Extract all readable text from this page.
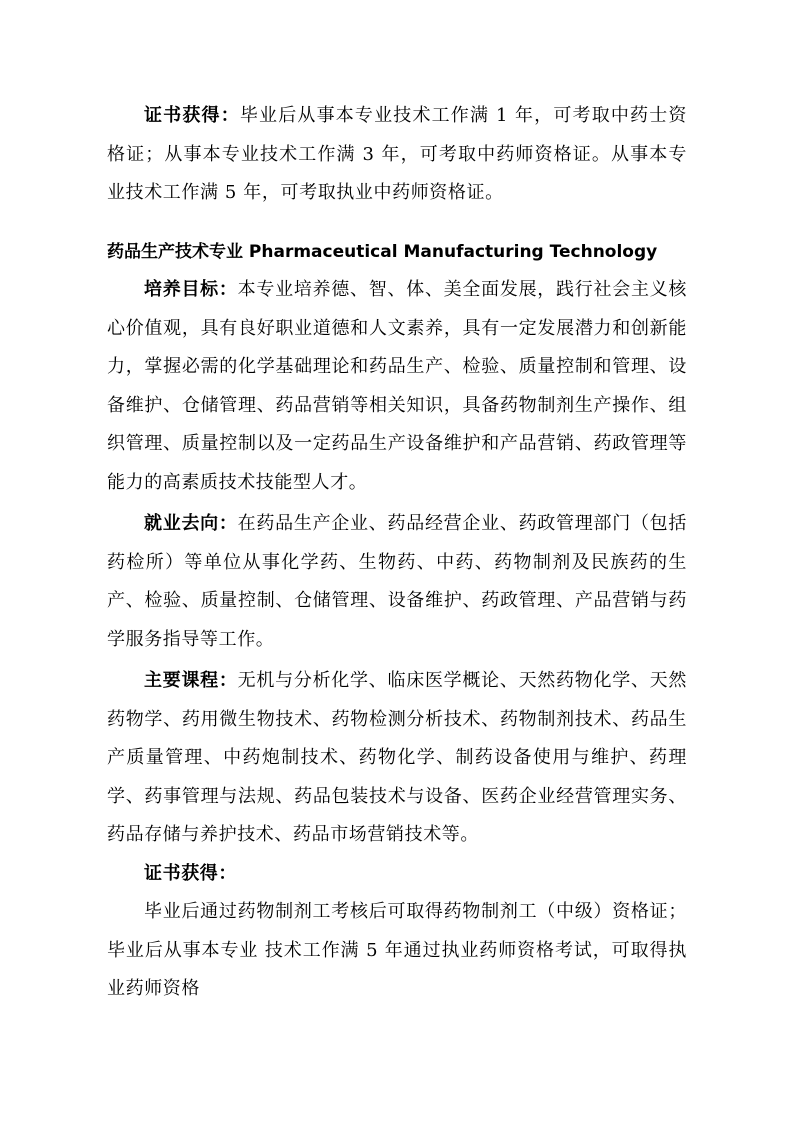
证书获得：毕业后从事本专业技术工作满 1 年，可考取中药士资格证；从事本专业技术工作满 3 年，可考取中药师资格证。从事本专业技术工作满 5 年，可考取执业中药师资格证。

药品生产技术专业 Pharmaceutical Manufacturing Technology

培养目标：本专业培养德、智、体、美全面发展，践行社会主义核心价值观，具有良好职业道德和人文素养，具有一定发展潜力和创新能力，掌握必需的化学基础理论和药品生产、检验、质量控制和管理、设备维护、仓储管理、药品营销等相关知识，具备药物制剂生产操作、组织管理、质量控制以及一定药品生产设备维护和产品营销、药政管理等能力的高素质技术技能型人才。

就业去向：在药品生产企业、药品经营企业、药政管理部门（包括药检所）等单位从事化学药、生物药、中药、药物制剂及民族药的生产、检验、质量控制、仓储管理、设备维护、药政管理、产品营销与药学服务指导等工作。

主要课程：无机与分析化学、临床医学概论、天然药物化学、天然药物学、药用微生物技术、药物检测分析技术、药物制剂技术、药品生产质量管理、中药炮制技术、药物化学、制药设备使用与维护、药理学、药事管理与法规、药品包装技术与设备、医药企业经营管理实务、药品存储与养护技术、药品市场营销技术等。

证书获得：

毕业后通过药物制剂工考核后可取得药物制剂工（中级）资格证；毕业后从事本专业 技术工作满 5 年通过执业药师资格考试，可取得执业药师资格
